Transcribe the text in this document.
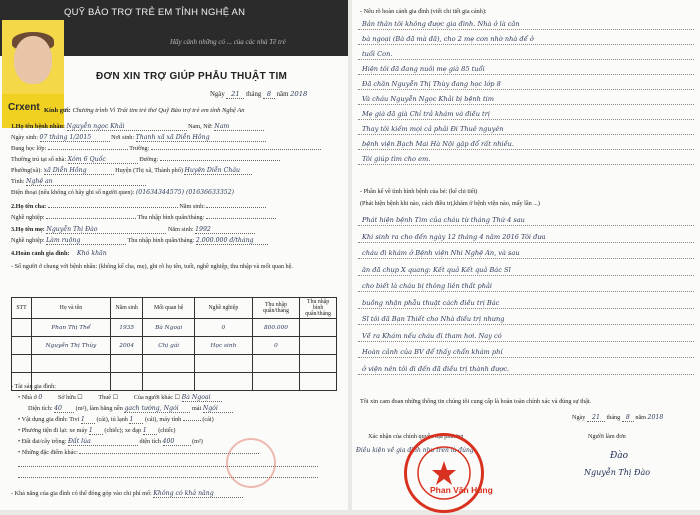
QUỸ BẢO TRỢ TRẺ EM TỈNH NGHỆ AN
Hãy cảnh những có ... của các nhà Tê trẻ
Crxent
ĐƠN XIN TRỢ GIÚP PHẪU THUẬT TIM
Ngày 21 tháng 8 năm 2018
Kính gửi: Chương trình Vì Trái tim trẻ thơ Quỹ Bảo trợ trẻ em tỉnh Nghệ An
1.Họ tên bệnh nhân: Nguyễn ngọc Khải	Nam, Nữ: Nam
Ngày sinh: 07 tháng 1/2015	Nơi sinh: Thanh xã xã Diễn Hồng
Đang học lớp:	Trường:
Thường trú tại số nhà: Xóm 6 Quốc	Đường:
Phường(xã): xã Diễn Hồng	Huyện (Thị xã, Thành phố) Huyện Diễn Châu
Tỉnh: Nghệ an
Điện thoại (nếu không có hãy ghi số người quen): (01634344575) (01636633352)
2.Họ tên cha:	Năm sinh:
Nghề nghiệp:	Thu nhập bình quân/tháng:
3.Họ tên mẹ: Nguyễn Thị Đào	Năm sinh: 1992
Nghề nghiệp: Làm ruộng	Thu nhập bình quân/tháng: 2.000.000 đ/tháng
4.Hoàn cảnh gia đình: Khó khăn
- Số người ở chung với bệnh nhân: (không kể cha, mẹ), ghi rõ họ tên, tuổi, nghề nghiệp, thu nhập và mối quan hệ.
STT	Họ và tên	Năm sinh	Mối quan hệ	Nghề nghiệp	Thu nhập quân/tháng	Thu nhập bình quân/tháng
	Phan Thị Thể	1935	Bà Ngoại	0	800.000	
	Nguyễn Thị Thùy	2004	Chị gái	Học sinh	0	

- Tài sản gia đình:
• Nhà ở 0	Sở hữu ☐ Thuê ☐ Của người khác ☐ Bà Ngoại
Diện tích: 40 (m²), làm bằng nền gạch tường, Ngói mái Ngói
• Vật dụng gia đình: Tivi 1 (cái), tủ lạnh 1 (cái), máy tính	(cái)
• Phương tiện đi lại: xe máy 1 (chiếc); xe đạp 1 (chiếc)
• Đất đai/cây trồng: Đất lúa	diện tích 400	(m²)
• Những đặc điểm khác:
- Khả năng của gia đình có thể đóng góp vào chi phí mổ: Không có khả năng
- Nêu rõ hoàn cảnh gia đình (viết chi tiết gia cảnh):
Bản thân tôi không được gia đình. Nhà ở là căn
bà ngoại (Bà đã mà đã), cho 2 mẹ con nhờ nhà để ở
tuổi Con.
Hiện tôi đã đang nuôi mẹ già 85 tuổi
Đã chăn Nguyễn Thị Thùy đang học lớp 8
Và cháu Nguyễn Ngọc Khải bị bệnh tim
Mẹ già đã già Chỉ trả khám và điều trị
Thay tôi kiếm mọi cả phải Đi Thuê nguyên
bệnh viện Bạch Mai Hà Nội gặp đổ rất nhiều.
Tôi giúp tìm cho em.
- Phần kể về tình hình bệnh của bé: (kể chi tiết)
(Phát hiện bệnh khi nào, cách điều trị,khám ở bệnh viện nào, mấy lần ...)
Phát hiện bệnh Tim của cháu từ tháng Thứ 4 sau
Khi sinh ra cho đến ngày 12 tháng 4 năm 2016 Tôi đưa
cháu đi khám ở Bệnh viện Nhi Nghệ An, và sau
ăn đã chụp X quang: Kết quả Kết quả Bác Sĩ
cho biết là cháu bị thông liên thất phải
buồng nhận phẫu thuật cách điều trị Bác
Sĩ tôi đã Bạn Thiết cho Nhà điều trị nhưng
Về ra Khám nếu cháu đi tham hơi. Nay có
Hoàn cảnh của BV để thấy chẩn khám phí
ở viện nên tôi đi đến đã điều trị thành được.
Tôi xin cam đoan những thông tin chúng tôi cung cấp là hoàn toàn chính xác và đúng sự thật.
Ngày 21 tháng 8 năm 2018
Xác nhận của chính quyền địa phương
Điều kiện về gia đình như trên là đúng
Người làm đơn
Đào
Nguyễn Thị Đào
Phan Văn Hùng
